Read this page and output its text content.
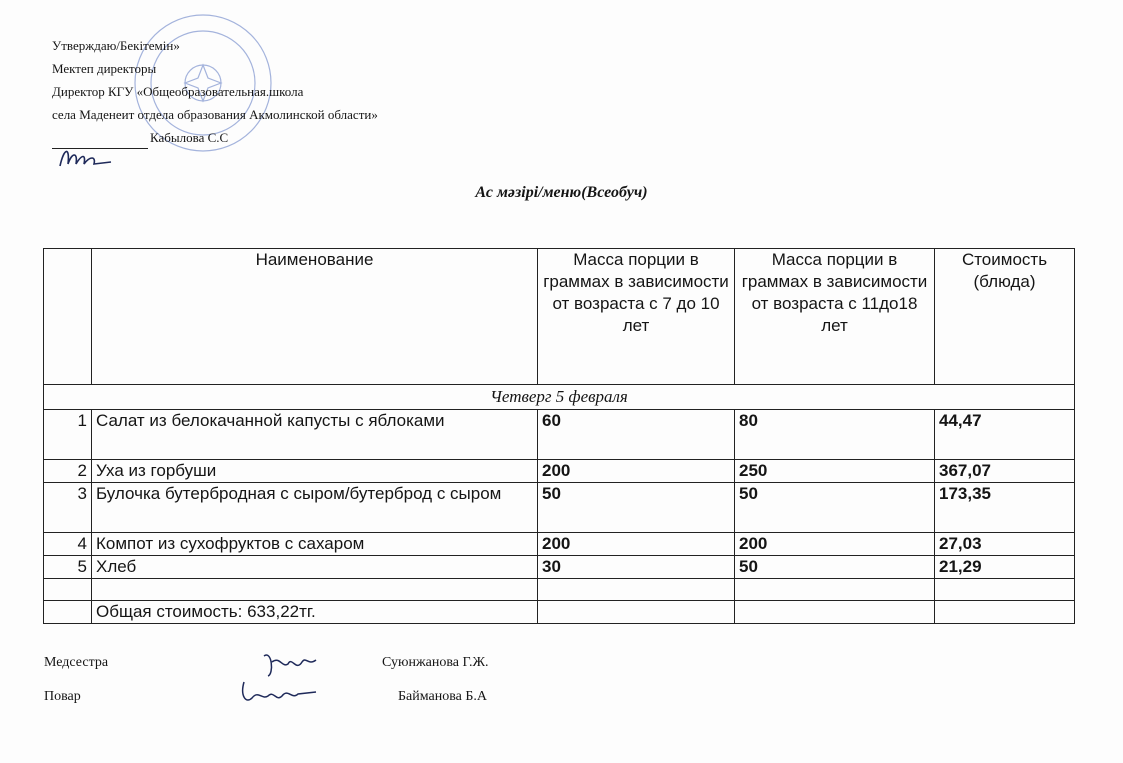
Утверждаю/Бекітемін»
Мектеп директоры
Директор КГУ «Общеобразовательная.школа
села Маденеит отдела образования Акмолинской области»
Кабылова С.С
Ас мәзірі/меню(Всеобуч)
	Наименование	Масса порции в граммах в зависимости от возраста с 7 до 10 лет	Масса порции в граммах в зависимости от возраста с 11до18 лет	Стоимость (блюда)
Четверг 5 февраля				
1	Салат из белокачанной капусты с яблоками	60	80	44,47
2	Уха из горбуши	200	250	367,07
3	Булочка бутербродная с сыром/бутерброд с сыром	50	50	173,35
4	Компот из сухофруктов с сахаром	200	200	27,03
5	Хлеб	30	50	21,29

	Общая стоимость: 633,22тг.			
Медсестра	Суюнжанова Г.Ж.
Повар	Байманова Б.А
